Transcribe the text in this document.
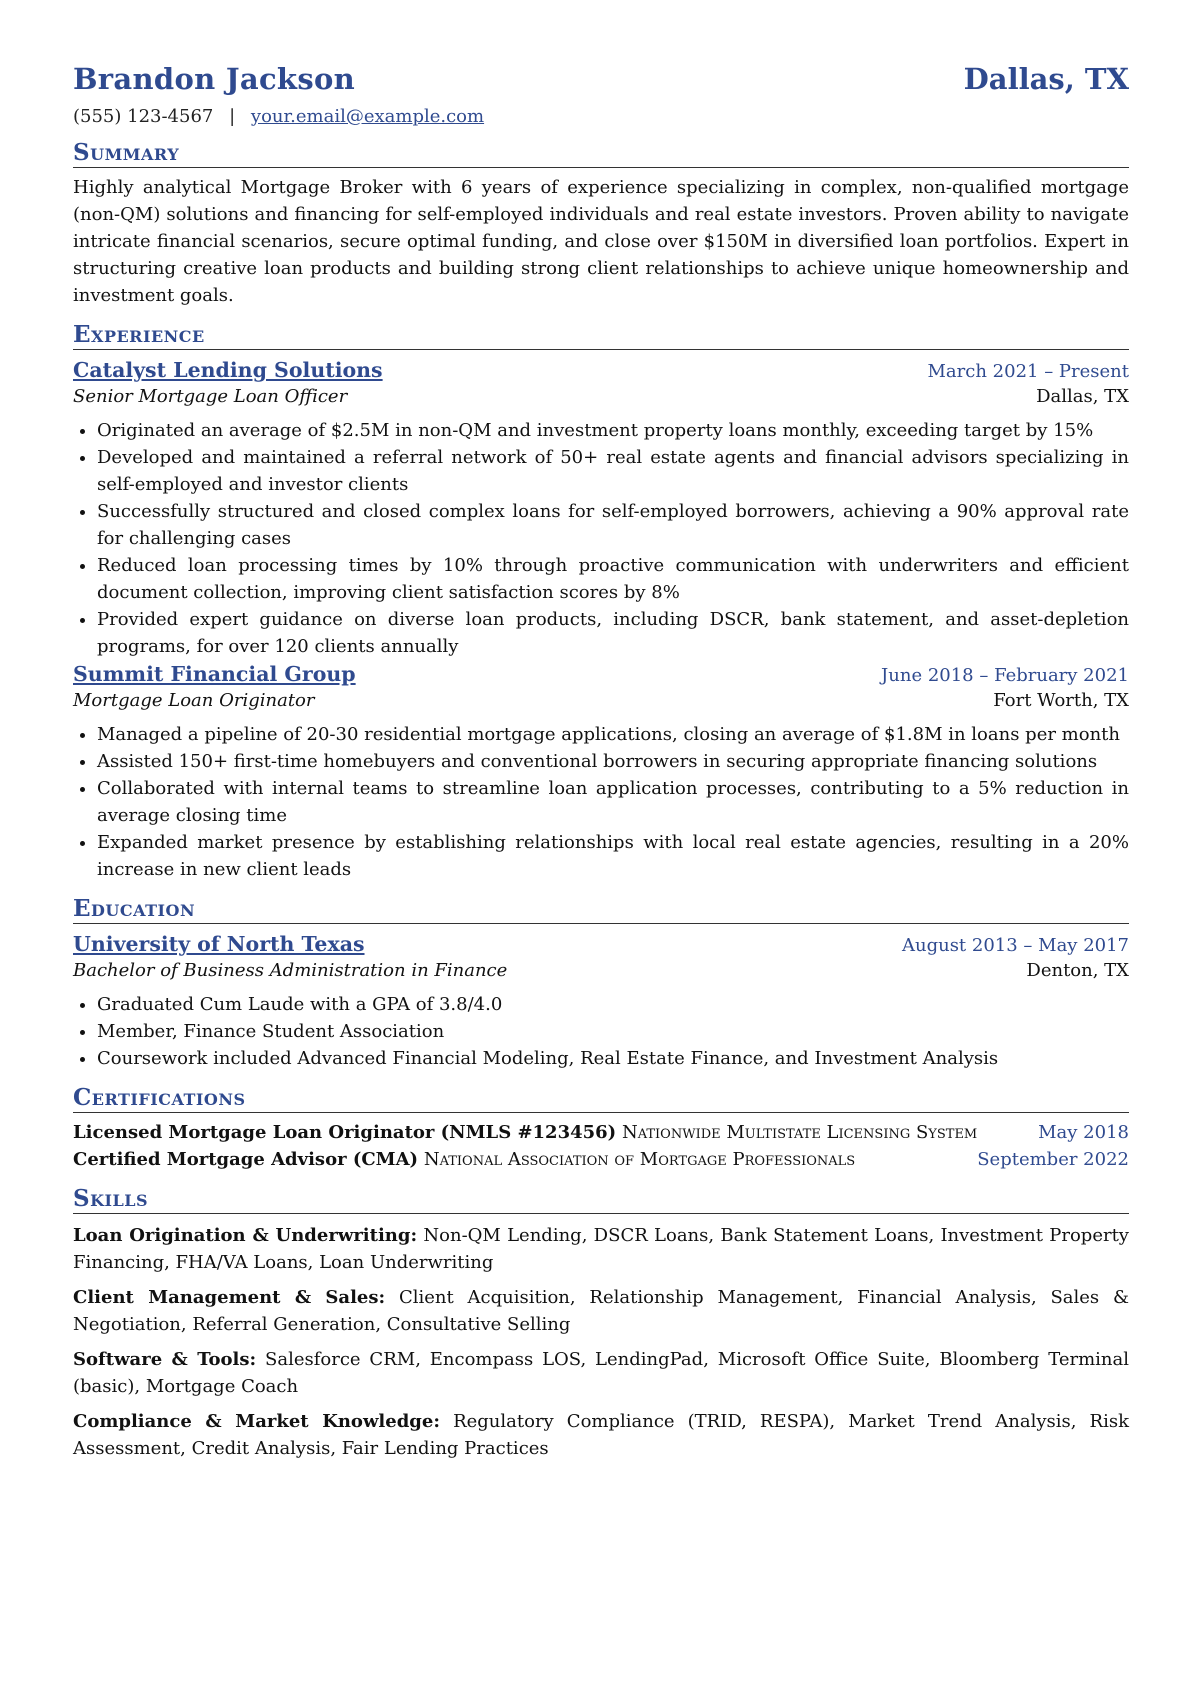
Brandon Jackson	Dallas, TX
(555) 123-4567 | your.email@example.com
Summary
Highly analytical Mortgage Broker with 6 years of experience specializing in complex, non-qualified mortgage (non-QM) solutions and financing for self-employed individuals and real estate investors. Proven ability to navigate intricate financial scenarios, secure optimal funding, and close over $150M in diversified loan portfolios. Expert in structuring creative loan products and building strong client relationships to achieve unique homeownership and investment goals.
Experience
Catalyst Lending Solutions	March 2021 – Present
Senior Mortgage Loan Officer	Dallas, TX
• Originated an average of $2.5M in non-QM and investment property loans monthly, exceeding target by 15%
• Developed and maintained a referral network of 50+ real estate agents and financial advisors specializing in self-employed and investor clients
• Successfully structured and closed complex loans for self-employed borrowers, achieving a 90% approval rate for challenging cases
• Reduced loan processing times by 10% through proactive communication with underwriters and efficient document collection, improving client satisfaction scores by 8%
• Provided expert guidance on diverse loan products, including DSCR, bank statement, and asset-depletion programs, for over 120 clients annually
Summit Financial Group	June 2018 – February 2021
Mortgage Loan Originator	Fort Worth, TX
• Managed a pipeline of 20-30 residential mortgage applications, closing an average of $1.8M in loans per month
• Assisted 150+ first-time homebuyers and conventional borrowers in securing appropriate financing solutions
• Collaborated with internal teams to streamline loan application processes, contributing to a 5% reduction in average closing time
• Expanded market presence by establishing relationships with local real estate agencies, resulting in a 20% increase in new client leads
Education
University of North Texas	August 2013 – May 2017
Bachelor of Business Administration in Finance	Denton, TX
• Graduated Cum Laude with a GPA of 3.8/4.0
• Member, Finance Student Association
• Coursework included Advanced Financial Modeling, Real Estate Finance, and Investment Analysis
Certifications
Licensed Mortgage Loan Originator (NMLS #123456) Nationwide Multistate Licensing System	May 2018
Certified Mortgage Advisor (CMA) National Association of Mortgage Professionals	September 2022
Skills
Loan Origination & Underwriting: Non-QM Lending, DSCR Loans, Bank Statement Loans, Investment Property Financing, FHA/VA Loans, Loan Underwriting
Client Management & Sales: Client Acquisition, Relationship Management, Financial Analysis, Sales & Negotiation, Referral Generation, Consultative Selling
Software & Tools: Salesforce CRM, Encompass LOS, LendingPad, Microsoft Office Suite, Bloomberg Terminal (basic), Mortgage Coach
Compliance & Market Knowledge: Regulatory Compliance (TRID, RESPA), Market Trend Analysis, Risk Assessment, Credit Analysis, Fair Lending Practices
